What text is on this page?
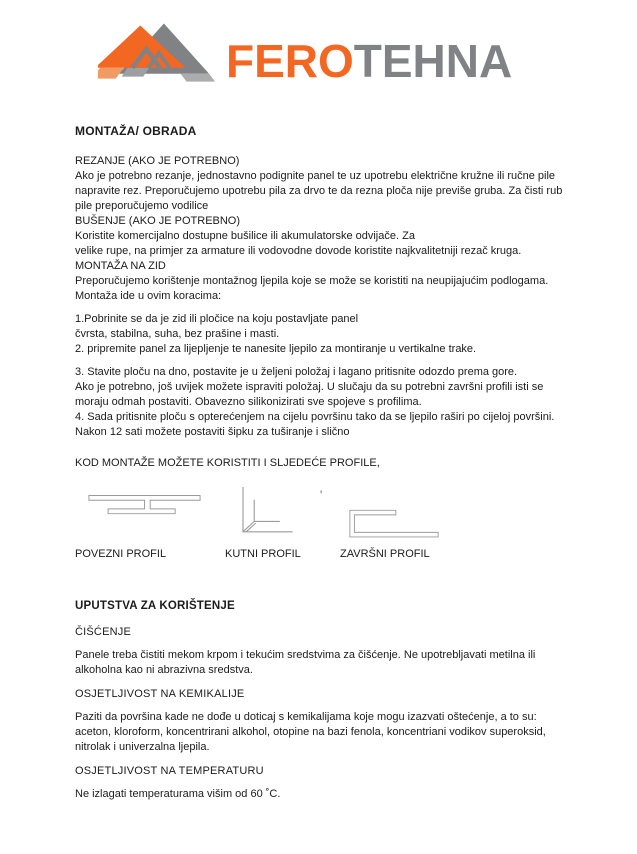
FEROTEHNA
MONTAŽA/ OBRADA
REZANJE (AKO JE POTREBNO)
Ako je potrebno rezanje, jednostavno podignite panel te uz upotrebu električne kružne ili ručne pile
napravite rez. Preporučujemo upotrebu pila za drvo te da rezna ploča nije previše gruba. Za čisti rub
pile preporučujemo vodilice
BUŠENJE (AKO JE POTREBNO)
Koristite komercijalno dostupne bušilice ili akumulatorske odvijače. Za
velike rupe, na primjer za armature ili vodovodne dovode koristite najkvalitetniji rezač kruga.
MONTAŽA NA ZID
Preporučujemo korištenje montažnog ljepila koje se može se koristiti na neupijajućim podlogama.
Montaža ide u ovim koracima:
1.Pobrinite se da je zid ili pločice na koju postavljate panel
čvrsta, stabilna, suha, bez prašine i masti.
2. pripremite panel za lijepljenje te nanesite ljepilo za montiranje u vertikalne trake.
3. Stavite ploču na dno, postavite je u željeni položaj i lagano pritisnite odozdo prema gore.
Ako je potrebno, još uvijek možete ispraviti položaj. U slučaju da su potrebni završni profili isti se
moraju odmah postaviti. Obavezno silikonizirati sve spojeve s profilima.
4. Sada pritisnite ploču s opterećenjem na cijelu površinu tako da se ljepilo raširi po cijeloj površini.
Nakon 12 sati možete postaviti šipku za tuširanje i slično
KOD MONTAŽE MOŽETE KORISTITI I SLJEDEĆE PROFILE,
POVEZNI PROFIL	KUTNI PROFIL	ZAVRŠNI PROFIL
UPUTSTVA ZA KORIŠTENJE
ČIŠĆENJE
Panele treba čistiti mekom krpom i tekućim sredstvima za čišćenje. Ne upotrebljavati metilna ili
alkoholna kao ni abrazivna sredstva.
OSJETLJIVOST NA KEMIKALIJE
Paziti da površina kade ne dođe u doticaj s kemikalijama koje mogu izazvati oštećenje, a to su:
aceton, kloroform, koncentrirani alkohol, otopine na bazi fenola, koncentriani vodikov superoksid,
nitrolak i univerzalna ljepila.
OSJETLJIVOST NA TEMPERATURU
Ne izlagati temperaturama višim od 60 ˚C.
'
